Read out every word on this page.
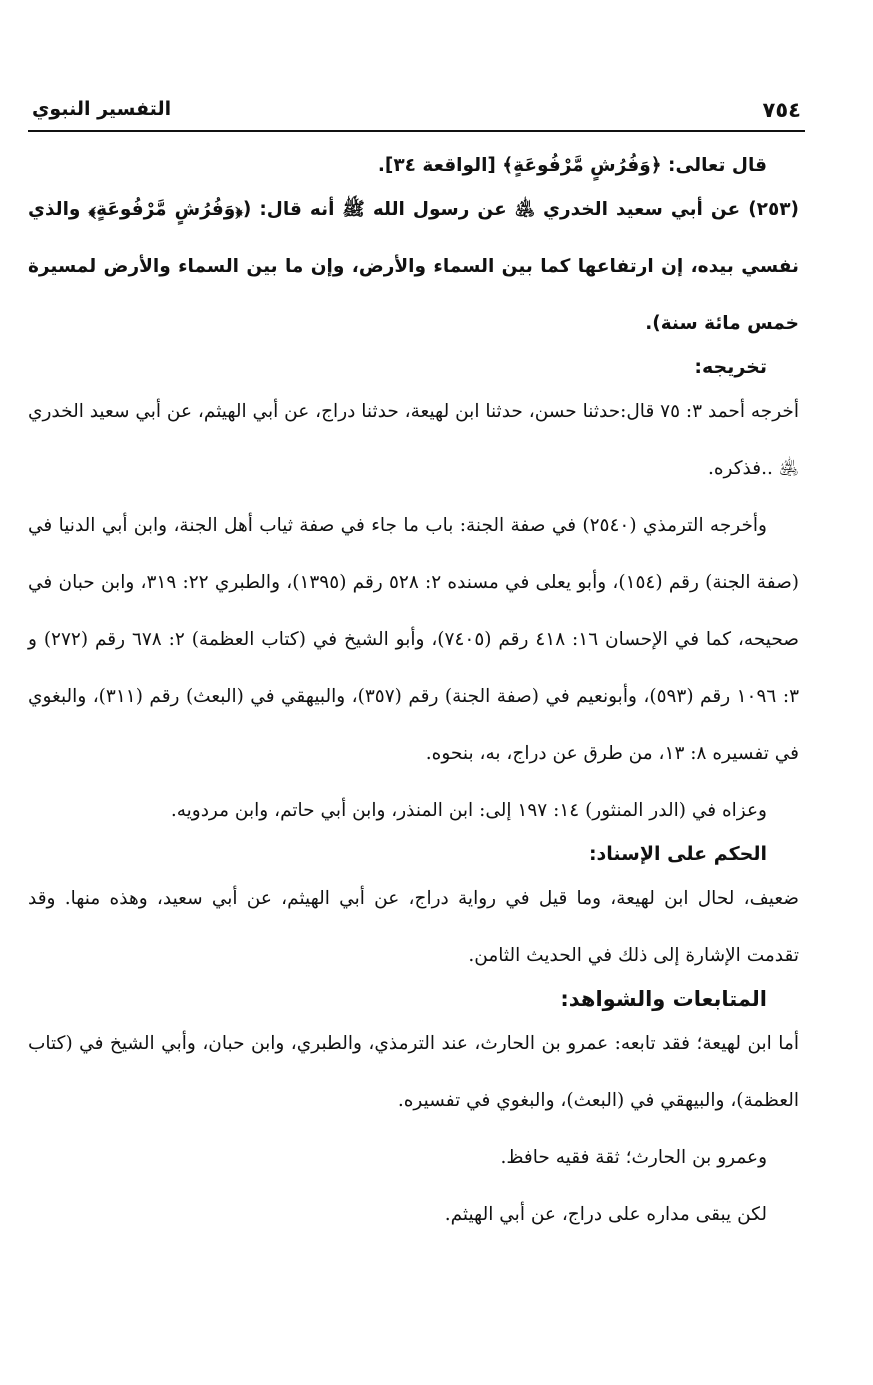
٧٥٤
التفسير النبوي

قال تعالى: ﴿وَفُرُشٍ مَّرْفُوعَةٍ﴾ [الواقعة ٣٤].

(٢٥٣) عن أبي سعيد الخدري ﵁ عن رسول الله ﷺ أنه قال: (﴿وَفُرُشٍ مَّرْفُوعَةٍ﴾ والذي نفسي بيده، إن ارتفاعها كما بين السماء والأرض، وإن ما بين السماء والأرض لمسيرة خمس مائة سنة).

تخريجه:

أخرجه أحمد ٣: ٧٥ قال:حدثنا حسن، حدثنا ابن لهيعة، حدثنا دراج، عن أبي الهيثم، عن أبي سعيد الخدري ﵁ ..فذكره.

وأخرجه الترمذي (٢٥٤٠) في صفة الجنة: باب ما جاء في صفة ثياب أهل الجنة، وابن أبي الدنيا في (صفة الجنة) رقم (١٥٤)، وأبو يعلى في مسنده ٢: ٥٢٨ رقم (١٣٩٥)، والطبري ٢٢: ٣١٩، وابن حبان في صحيحه، كما في الإحسان ١٦: ٤١٨ رقم (٧٤٠٥)، وأبو الشيخ في (كتاب العظمة) ٢: ٦٧٨ رقم (٢٧٢) و ٣: ١٠٩٦ رقم (٥٩٣)، وأبونعيم في (صفة الجنة) رقم (٣٥٧)، والبيهقي في (البعث) رقم (٣١١)، والبغوي في تفسيره ٨: ١٣، من طرق عن دراج، به، بنحوه.

وعزاه في (الدر المنثور) ١٤: ١٩٧ إلى: ابن المنذر، وابن أبي حاتم، وابن مردويه.

الحكم على الإسناد:

ضعيف، لحال ابن لهيعة، وما قيل في رواية دراج، عن أبي الهيثم، عن أبي سعيد، وهذه منها. وقد تقدمت الإشارة إلى ذلك في الحديث الثامن.

المتابعات والشواهد:

أما ابن لهيعة؛ فقد تابعه: عمرو بن الحارث، عند الترمذي، والطبري، وابن حبان، وأبي الشيخ في (كتاب العظمة)، والبيهقي في (البعث)، والبغوي في تفسيره.

وعمرو بن الحارث؛ ثقة فقيه حافظ.

لكن يبقى مداره على دراج، عن أبي الهيثم.
